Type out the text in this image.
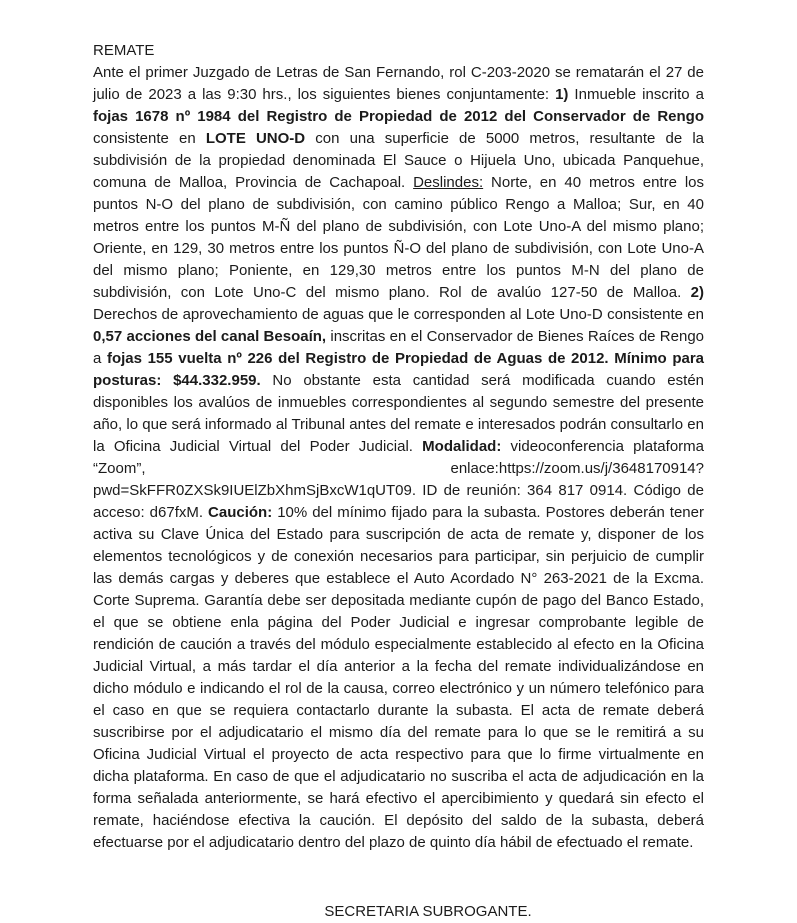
REMATE

Ante el primer Juzgado de Letras de San Fernando, rol C-203-2020 se rematarán el 27 de julio de 2023 a las 9:30 hrs., los siguientes bienes conjuntamente: 1) Inmueble inscrito a fojas 1678 nº 1984 del Registro de Propiedad de 2012 del Conservador de Rengo consistente en LOTE UNO-D con una superficie de 5000 metros, resultante de la subdivisión de la propiedad denominada El Sauce o Hijuela Uno, ubicada Panquehue, comuna de Malloa, Provincia de Cachapoal. Deslindes: Norte, en 40 metros entre los puntos N-O del plano de subdivisión, con camino público Rengo a Malloa; Sur, en 40 metros entre los puntos M-Ñ del plano de subdivisión, con Lote Uno-A del mismo plano; Oriente, en 129, 30 metros entre los puntos Ñ-O del plano de subdivisión, con Lote Uno-A del mismo plano; Poniente, en 129,30 metros entre los puntos M-N del plano de subdivisión, con Lote Uno-C del mismo plano. Rol de avalúo 127-50 de Malloa. 2) Derechos de aprovechamiento de aguas que le corresponden al Lote Uno-D consistente en 0,57 acciones del canal Besoaín, inscritas en el Conservador de Bienes Raíces de Rengo a fojas 155 vuelta nº 226 del Registro de Propiedad de Aguas de 2012. Mínimo para posturas: $44.332.959. No obstante esta cantidad será modificada cuando estén disponibles los avalúos de inmuebles correspondientes al segundo semestre del presente año, lo que será informado al Tribunal antes del remate e interesados podrán consultarlo en la Oficina Judicial Virtual del Poder Judicial. Modalidad: videoconferencia plataforma “Zoom”, enlace:https://zoom.us/j/3648170914? pwd=SkFFR0ZXSk9IUElZbXhmSjBxcW1qUT09. ID de reunión: 364 817 0914. Código de acceso: d67fxM. Caución: 10% del mínimo fijado para la subasta. Postores deberán tener activa su Clave Única del Estado para suscripción de acta de remate y, disponer de los elementos tecnológicos y de conexión necesarios para participar, sin perjuicio de cumplir las demás cargas y deberes que establece el Auto Acordado N° 263-2021 de la Excma. Corte Suprema. Garantía debe ser depositada mediante cupón de pago del Banco Estado, el que se obtiene enla página del Poder Judicial e ingresar comprobante legible de rendición de caución a través del módulo especialmente establecido al efecto en la Oficina Judicial Virtual, a más tardar el día anterior a la fecha del remate individualizándose en dicho módulo e indicando el rol de la causa, correo electrónico y un número telefónico para el caso en que se requiera contactarlo durante la subasta. El acta de remate deberá suscribirse por el adjudicatario el mismo día del remate para lo que se le remitirá a su Oficina Judicial Virtual el proyecto de acta respectivo para que lo firme virtualmente en dicha plataforma. En caso de que el adjudicatario no suscriba el acta de adjudicación en la forma señalada anteriormente, se hará efectivo el apercibimiento y quedará sin efecto el remate, haciéndose efectiva la caución. El depósito del saldo de la subasta, deberá efectuarse por el adjudicatario dentro del plazo de quinto día hábil de efectuado el remate.

SECRETARIA SUBROGANTE.
